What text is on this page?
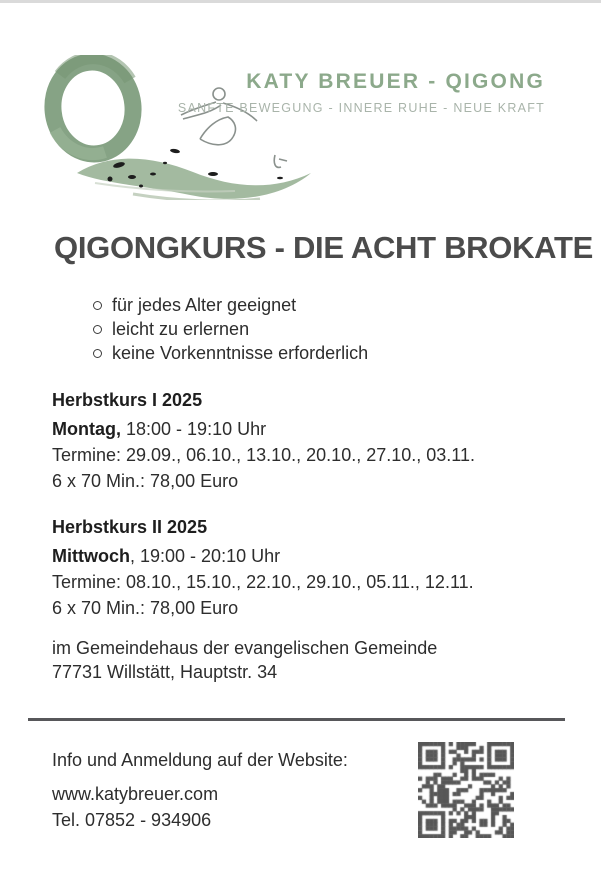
KATY BREUER - QIGONG
SANFTE BEWEGUNG - INNERE RUHE - NEUE KRAFT
QIGONGKURS - DIE ACHT BROKATE
für jedes Alter geeignet
leicht zu erlernen
keine Vorkenntnisse erforderlich
Herbstkurs I 2025
Montag, 18:00 - 19:10 Uhr
Termine: 29.09., 06.10., 13.10., 20.10., 27.10., 03.11.
6 x 70 Min.: 78,00 Euro
Herbstkurs II 2025
Mittwoch, 19:00 - 20:10 Uhr
Termine: 08.10., 15.10., 22.10., 29.10., 05.11., 12.11.
6 x 70 Min.: 78,00 Euro
im Gemeindehaus der evangelischen Gemeinde
77731 Willstätt, Hauptstr. 34
Info und Anmeldung auf der Website:
www.katybreuer.com
Tel. 07852 - 934906
